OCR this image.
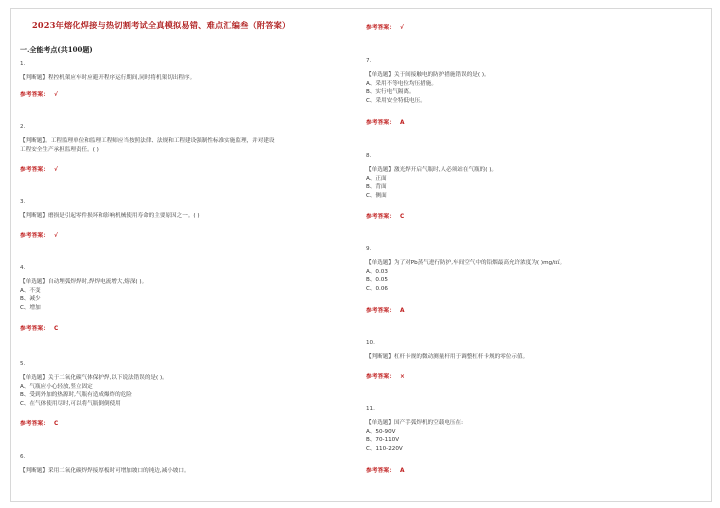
2023年熔化焊接与热切割考试全真模拟易错、难点汇编叁（附答案）
一.全能考点(共100题)
参考答案： √
1.
【判断题】程控机架应车时应避开程序运行期间,同时将机架切出程序。
参考答案： √
2.
【判断题】。工程监理单位和监理工程师应当按照法律、法规和工程建设强制性标准实施监理，并对建设
工程安全生产承担监理责任。( )
参考答案： √
3.
【判断题】磨损是引起零件损坏和影响机械使用寿命的主要原因之一。( )
参考答案： √
4.
【单选题】自动埋弧焊焊时,焊焊电流增大,熔深( )。
A、不变
B、减少
C、增加
参考答案： C
5.
【单选题】关于二氧化碳气体保护焊,以下说法错误的是( )。
A、气瓶应小心轻放,竖立固定
B、受到外加的热源时,气瓶有造成爆炸的危险
C、在气体使用尽时,可以将气瓶倒倒使用
参考答案： C
6.
【判断题】采用二氧化碳焊焊接厚板时可增加坡口的钝边,减小坡口。
7.
【单选题】关于间接触电的防护措施错误的是( )。
A、采用不等电位均压措施。
B、实行电气隔离。
C、采用安全特低电压。
参考答案： A
8.
【单选题】激光焊开启气瓶时,人必须站在气瓶的( )。
A、正面
B、背面
C、侧面
参考答案： C
9.
【单选题】为了对Pb蒸气进行防护,车间空气中的铅烟最高允许浓度为( )mg/㎡。
A、0.03
B、0.05
C、0.06
参考答案： A
10.
【判断题】杠杆卡规的微动测量杆用于调整杠杆卡规的零位示值。
参考答案： ×
11.
【单选题】国产手弧焊机的空载电压在:
A、50-90V
B、70-110V
C、110-220V
参考答案： A
